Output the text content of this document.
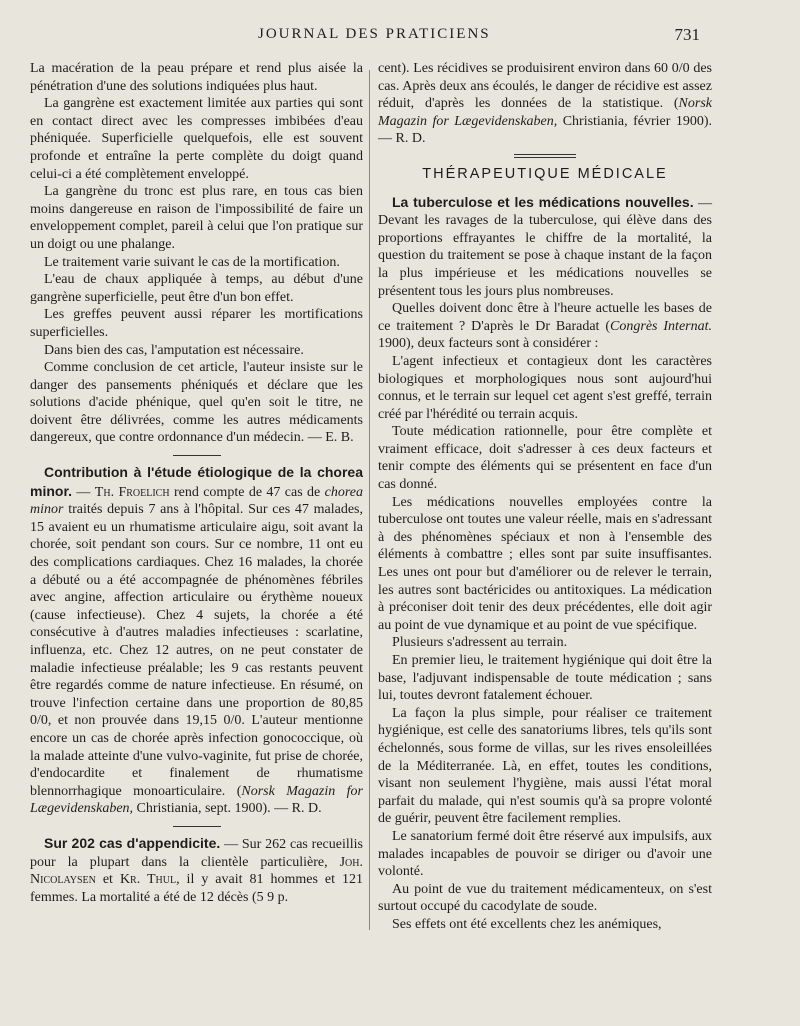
JOURNAL DES PRATICIENS	731

La macération de la peau prépare et rend plus aisée la pénétration d'une des solutions indiquées plus haut.

La gangrène est exactement limitée aux parties qui sont en contact direct avec les compresses imbibées d'eau phéniquée. Superficielle quelquefois, elle est souvent profonde et entraîne la perte complète du doigt quand celui-ci a été complètement enveloppé.

La gangrène du tronc est plus rare, en tous cas bien moins dangereuse en raison de l'impossibilité de faire un enveloppement complet, pareil à celui que l'on pratique sur un doigt ou une phalange.

Le traitement varie suivant le cas de la mortification.

L'eau de chaux appliquée à temps, au début d'une gangrène superficielle, peut être d'un bon effet.

Les greffes peuvent aussi réparer les mortifications superficielles.

Dans bien des cas, l'amputation est nécessaire.

Comme conclusion de cet article, l'auteur insiste sur le danger des pansements phéniqués et déclare que les solutions d'acide phénique, quel qu'en soit le titre, ne doivent être délivrées, comme les autres médicaments dangereux, que contre ordonnance d'un médecin. — E. B.

Contribution à l'étude étiologique de la chorea minor. — Th. Froelich rend compte de 47 cas de chorea minor traités depuis 7 ans à l'hôpital. Sur ces 47 malades, 15 avaient eu un rhumatisme articulaire aigu, soit avant la chorée, soit pendant son cours. Sur ce nombre, 11 ont eu des complications cardiaques. Chez 16 malades, la chorée a débuté ou a été accompagnée de phénomènes fébriles avec angine, affection articulaire ou érythème noueux (cause infectieuse). Chez 4 sujets, la chorée a été consécutive à d'autres maladies infectieuses : scarlatine, influenza, etc. Chez 12 autres, on ne peut constater de maladie infectieuse préalable; les 9 cas restants peuvent être regardés comme de nature infectieuse. En résumé, on trouve l'infection certaine dans une proportion de 80,85 0/0, et non prouvée dans 19,15 0/0. L'auteur mentionne encore un cas de chorée après infection gonococcique, où la malade atteinte d'une vulvo-vaginite, fut prise de chorée, d'endocardite et finalement de rhumatisme blennorrhagique monoarticulaire. (Norsk Magazin for Lægevidenskaben, Christiania, sept. 1900). — R. D.

Sur 202 cas d'appendicite. — Sur 262 cas recueillis pour la plupart dans la clientèle particulière, Joh. Nicolaysen et Kr. Thul, il y avait 81 hommes et 121 femmes. La mortalité a été de 12 décès (5 9 p.

cent). Les récidives se produisirent environ dans 60 0/0 des cas. Après deux ans écoulés, le danger de récidive est assez réduit, d'après les données de la statistique. (Norsk Magazin for Lægevidenskaben, Christiania, février 1900). — R. D.

THÉRAPEUTIQUE MÉDICALE

La tuberculose et les médications nouvelles. — Devant les ravages de la tuberculose, qui élève dans des proportions effrayantes le chiffre de la mortalité, la question du traitement se pose à chaque instant de la façon la plus impérieuse et les médications nouvelles se présentent tous les jours plus nombreuses.

Quelles doivent donc être à l'heure actuelle les bases de ce traitement ? D'après le Dr Baradat (Congrès Internat. 1900), deux facteurs sont à considérer :

L'agent infectieux et contagieux dont les caractères biologiques et morphologiques nous sont aujourd'hui connus, et le terrain sur lequel cet agent s'est greffé, terrain créé par l'hérédité ou terrain acquis.

Toute médication rationnelle, pour être complète et vraiment efficace, doit s'adresser à ces deux facteurs et tenir compte des éléments qui se présentent en face d'un cas donné.

Les médications nouvelles employées contre la tuberculose ont toutes une valeur réelle, mais en s'adressant à des phénomènes spéciaux et non à l'ensemble des éléments à combattre ; elles sont par suite insuffisantes. Les unes ont pour but d'améliorer ou de relever le terrain, les autres sont bactéricides ou antitoxiques. La médication à préconiser doit tenir des deux précédentes, elle doit agir au point de vue dynamique et au point de vue spécifique.

Plusieurs s'adressent au terrain.

En premier lieu, le traitement hygiénique qui doit être la base, l'adjuvant indispensable de toute médication ; sans lui, toutes devront fatalement échouer.

La façon la plus simple, pour réaliser ce traitement hygiénique, est celle des sanatoriums libres, tels qu'ils sont échelonnés, sous forme de villas, sur les rives ensoleillées de la Méditerranée. Là, en effet, toutes les conditions, visant non seulement l'hygiène, mais aussi l'état moral parfait du malade, qui n'est soumis qu'à sa propre volonté de guérir, peuvent être facilement remplies.

Le sanatorium fermé doit être réservé aux impulsifs, aux malades incapables de pouvoir se diriger ou d'avoir une volonté.

Au point de vue du traitement médicamenteux, on s'est surtout occupé du cacodylate de soude.

Ses effets ont été excellents chez les anémiques,
